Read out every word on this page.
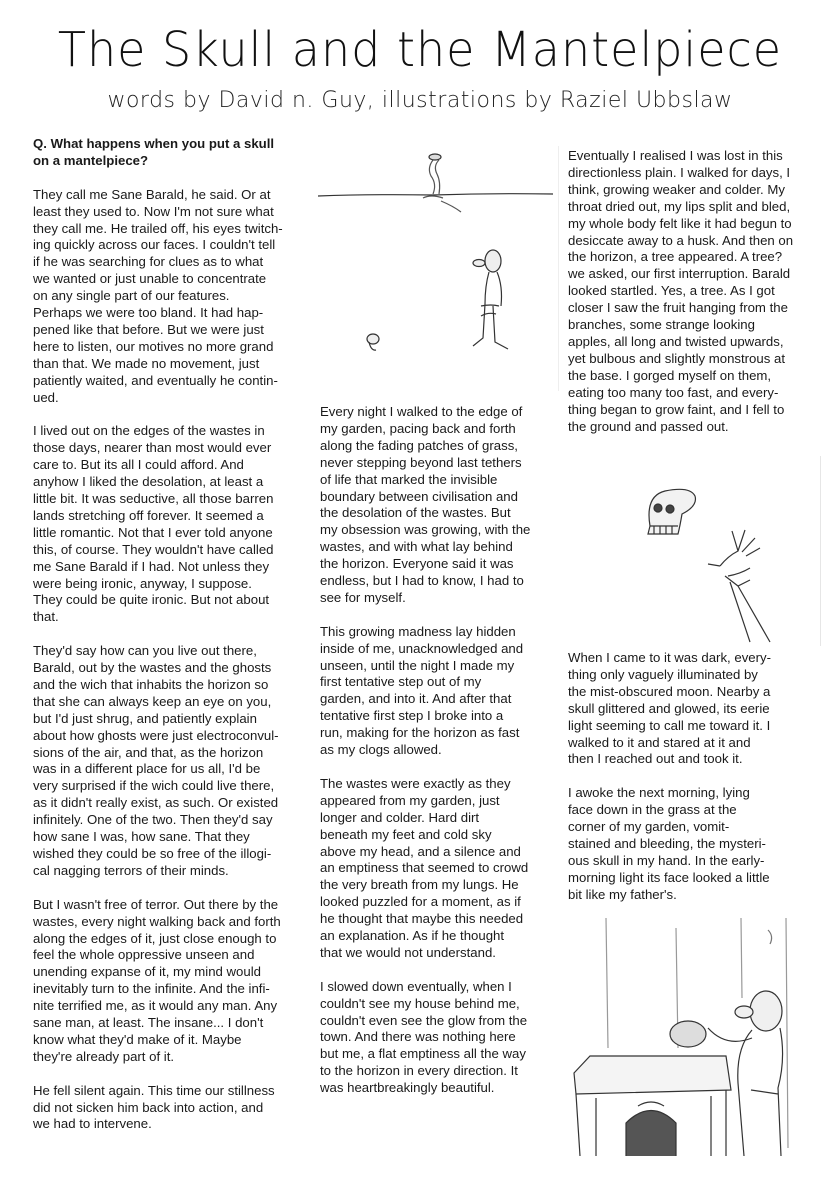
The Skull and the Mantelpiece
words by David n. Guy, illustrations by Raziel Ubbslaw

Q. What happens when you put a skull
on a mantelpiece?

They call me Sane Barald, he said. Or at
least they used to. Now I'm not sure what
they call me. He trailed off, his eyes twitch-
ing quickly across our faces. I couldn't tell
if he was searching for clues as to what
we wanted or just unable to concentrate
on any single part of our features.
Perhaps we were too bland. It had hap-
pened like that before. But we were just
here to listen, our motives no more grand
than that. We made no movement, just
patiently waited, and eventually he contin-
ued.

I lived out on the edges of the wastes in
those days, nearer than most would ever
care to. But its all I could afford. And
anyhow I liked the desolation, at least a
little bit. It was seductive, all those barren
lands stretching off forever. It seemed a
little romantic. Not that I ever told anyone
this, of course. They wouldn't have called
me Sane Barald if I had. Not unless they
were being ironic, anyway, I suppose.
They could be quite ironic. But not about
that.

They'd say how can you live out there,
Barald, out by the wastes and the ghosts
and the wich that inhabits the horizon so
that she can always keep an eye on you,
but I'd just shrug, and patiently explain
about how ghosts were just electroconvul-
sions of the air, and that, as the horizon
was in a different place for us all, I'd be
very surprised if the wich could live there,
as it didn't really exist, as such. Or existed
infinitely. One of the two. Then they'd say
how sane I was, how sane. That they
wished they could be so free of the illogi-
cal nagging terrors of their minds.

But I wasn't free of terror. Out there by the
wastes, every night walking back and forth
along the edges of it, just close enough to
feel the whole oppressive unseen and
unending expanse of it, my mind would
inevitably turn to the infinite. And the infi-
nite terrified me, as it would any man. Any
sane man, at least. The insane... I don't
know what they'd make of it. Maybe
they're already part of it.

He fell silent again. This time our stillness
did not sicken him back into action, and
we had to intervene.

Every night I walked to the edge of
my garden, pacing back and forth
along the fading patches of grass,
never stepping beyond last tethers
of life that marked the invisible
boundary between civilisation and
the desolation of the wastes. But
my obsession was growing, with the
wastes, and with what lay behind
the horizon. Everyone said it was
endless, but I had to know, I had to
see for myself.

This growing madness lay hidden
inside of me, unacknowledged and
unseen, until the night I made my
first tentative step out of my
garden, and into it. And after that
tentative first step I broke into a
run, making for the horizon as fast
as my clogs allowed.

The wastes were exactly as they
appeared from my garden, just
longer and colder. Hard dirt
beneath my feet and cold sky
above my head, and a silence and
an emptiness that seemed to crowd
the very breath from my lungs. He
looked puzzled for a moment, as if
he thought that maybe this needed
an explanation. As if he thought
that we would not understand.

I slowed down eventually, when I
couldn't see my house behind me,
couldn't even see the glow from the
town. And there was nothing here
but me, a flat emptiness all the way
to the horizon in every direction. It
was heartbreakingly beautiful.

Eventually I realised I was lost in this
directionless plain. I walked for days, I
think, growing weaker and colder. My
throat dried out, my lips split and bled,
my whole body felt like it had begun to
desiccate away to a husk. And then on
the horizon, a tree appeared. A tree?
we asked, our first interruption. Barald
looked startled. Yes, a tree. As I got
closer I saw the fruit hanging from the
branches, some strange looking
apples, all long and twisted upwards,
yet bulbous and slightly monstrous at
the base. I gorged myself on them,
eating too many too fast, and every-
thing began to grow faint, and I fell to
the ground and passed out.

When I came to it was dark, every-
thing only vaguely illuminated by
the mist-obscured moon. Nearby a
skull glittered and glowed, its eerie
light seeming to call me toward it. I
walked to it and stared at it and
then I reached out and took it.

I awoke the next morning, lying
face down in the grass at the
corner of my garden, vomit-
stained and bleeding, the mysteri-
ous skull in my hand. In the early-
morning light its face looked a little
bit like my father's.
